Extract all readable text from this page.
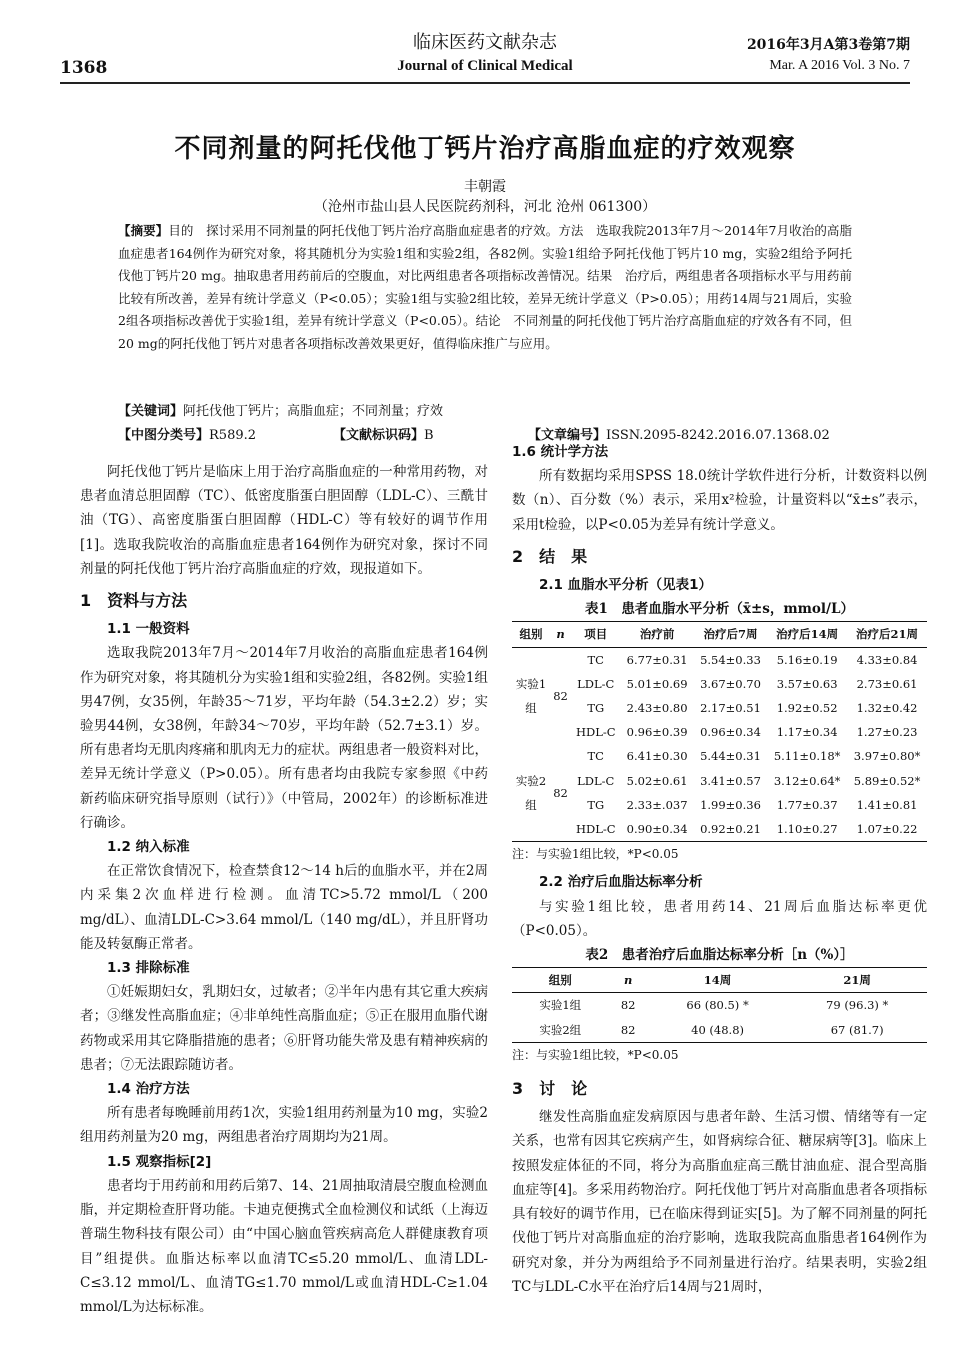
1368
临床医药文献杂志
Journal of Clinical Medical
2016年3月A第3卷第7期
Mar. A 2016 Vol. 3 No. 7
不同剂量的阿托伐他丁钙片治疗高脂血症的疗效观察
丰朝霞
（沧州市盐山县人民医院药剂科，河北 沧州 061300）
【摘要】目的　探讨采用不同剂量的阿托伐他丁钙片治疗高脂血症患者的疗效。方法　选取我院2013年7月～2014年7月收治的高脂血症患者164例作为研究对象，将其随机分为实验1组和实验2组，各82例。实验1组给予阿托伐他丁钙片10 mg，实验2组给予阿托伐他丁钙片20 mg。抽取患者用药前后的空腹血，对比两组患者各项指标改善情况。结果　治疗后，两组患者各项指标水平与用药前比较有所改善，差异有统计学意义（P<0.05）；实验1组与实验2组比较，差异无统计学意义（P>0.05）；用药14周与21周后，实验2组各项指标改善优于实验1组，差异有统计学意义（P<0.05）。结论　不同剂量的阿托伐他丁钙片治疗高脂血症的疗效各有不同，但20 mg的阿托伐他丁钙片对患者各项指标改善效果更好，值得临床推广与应用。
【关键词】阿托伐他丁钙片；高脂血症；不同剂量；疗效
【中图分类号】R589.2	【文献标识码】B	【文章编号】ISSN.2095-8242.2016.07.1368.02

阿托伐他丁钙片是临床上用于治疗高脂血症的一种常用药物，对患者血清总胆固醇（TC）、低密度脂蛋白胆固醇（LDL-C）、三酰甘油（TG）、高密度脂蛋白胆固醇（HDL-C）等有较好的调节作用[1]。选取我院收治的高脂血症患者164例作为研究对象，探讨不同剂量的阿托伐他丁钙片治疗高脂血症的疗效，现报道如下。

1　资料与方法
1.1 一般资料

选取我院2013年7月～2014年7月收治的高脂血症患者164例作为研究对象，将其随机分为实验1组和实验2组，各82例。实验1组男47例，女35例，年龄35～71岁，平均年龄（54.3±2.2）岁；实验男44例，女38例，年龄34～70岁，平均年龄（52.7±3.1）岁。所有患者均无肌肉疼痛和肌肉无力的症状。两组患者一般资料对比，差异无统计学意义（P>0.05）。所有患者均由我院专家参照《中药新药临床研究指导原则（试行）》（中管局，2002年）的诊断标准进行确诊。

1.2 纳入标准

在正常饮食情况下，检查禁食12～14 h后的血脂水平，并在2周内采集2次血样进行检测。血清TC>5.72 mmol/L（200 mg/dL）、血清LDL-C>3.64 mmol/L（140 mg/dL），并且肝肾功能及转氨酶正常者。

1.3 排除标准

①妊娠期妇女，乳期妇女，过敏者；②半年内患有其它重大疾病者；③继发性高脂血症；④非单纯性高脂血症；⑤正在服用血脂代谢药物或采用其它降脂措施的患者；⑥肝肾功能失常及患有精神疾病的患者；⑦无法跟踪随访者。

1.4 治疗方法

所有患者每晚睡前用药1次，实验1组用药剂量为10 mg，实验2组用药剂量为20 mg，两组患者治疗周期均为21周。

1.5 观察指标[2]

患者均于用药前和用药后第7、14、21周抽取清晨空腹血检测血脂，并定期检查肝肾功能。卡迪克便携式全血检测仪和试纸（上海迈普瑞生物科技有限公司）由“中国心脑血管疾病高危人群健康教育项目”组提供。血脂达标率以血清TC≤5.20 mmol/L、血清LDL-C≤3.12 mmol/L、血清TG≤1.70 mmol/L或血清HDL-C≥1.04 mmol/L为达标标准。

1.6 统计学方法

所有数据均采用SPSS 18.0统计学软件进行分析，计数资料以例数（n）、百分数（%）表示，采用x²检验，计量资料以“x̄±s”表示，采用t检验，以P<0.05为差异有统计学意义。

2　结　果
2.1 血脂水平分析（见表1）
表1　患者血脂水平分析（x̄±s，mmol/L）
组别	n	项目	治疗前	治疗后7周	治疗后14周	治疗后21周
实验1组	82	TC	6.77±0.31	5.54±0.33	5.16±0.19	4.33±0.84
		LDL-C	5.01±0.69	3.67±0.70	3.57±0.63	2.73±0.61
		TG	2.43±0.80	2.17±0.51	1.92±0.52	1.32±0.42
		HDL-C	0.96±0.39	0.96±0.34	1.17±0.34	1.27±0.23
实验2组	82	TC	6.41±0.30	5.44±0.31	5.11±0.18*	3.97±0.80*
		LDL-C	5.02±0.61	3.41±0.57	3.12±0.64*	5.89±0.52*
		TG	2.33±.037	1.99±0.36	1.77±0.37	1.41±0.81
		HDL-C	0.90±0.34	0.92±0.21	1.10±0.27	1.07±0.22
注：与实验1组比较，*P<0.05
2.2 治疗后血脂达标率分析

与实验1组比较，患者用药14、21周后血脂达标率更优（P<0.05）。

表2　患者治疗后血脂达标率分析［n（%）］
组别	n	14周	21周
实验1组	82	66 (80.5) *	79 (96.3) *
实验2组	82	40 (48.8)	67 (81.7)
注：与实验1组比较，*P<0.05
3　讨　论

继发性高脂血症发病原因与患者年龄、生活习惯、情绪等有一定关系，也常有因其它疾病产生，如肾病综合征、糖尿病等[3]。临床上按照发症体征的不同，将分为高脂血症高三酰甘油血症、混合型高脂血症等[4]。多采用药物治疗。阿托伐他丁钙片对高脂血患者各项指标具有较好的调节作用，已在临床得到证实[5]。为了解不同剂量的阿托伐他丁钙片对高脂血症的治疗影响，选取我院高血脂患者164例作为研究对象，并分为两组给予不同剂量进行治疗。结果表明，实验2组TC与LDL-C水平在治疗后14周与21周时，
